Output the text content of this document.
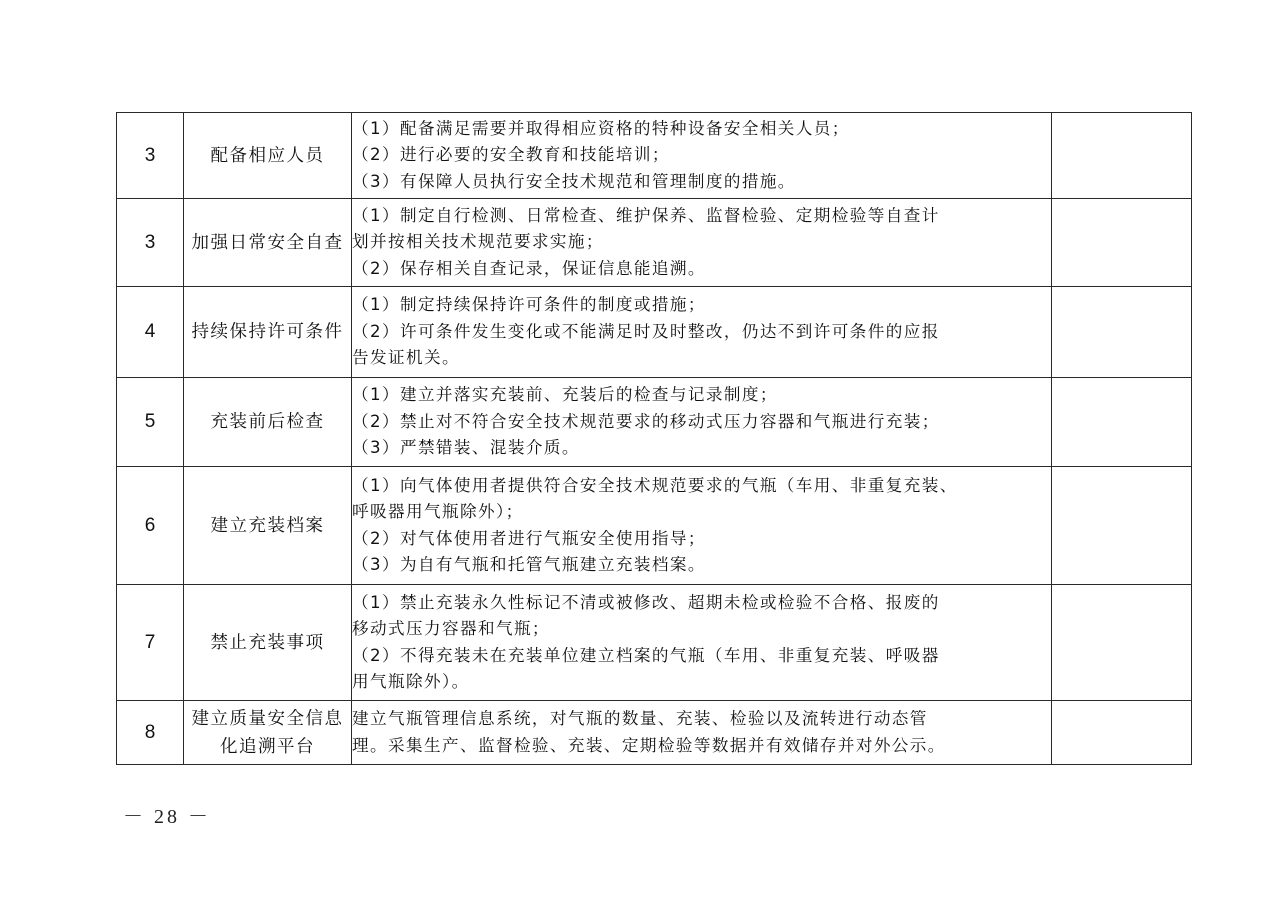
3	配备相应人员	（1）配备满足需要并取得相应资格的特种设备安全相关人员；
（2）进行必要的安全教育和技能培训；
（3）有保障人员执行安全技术规范和管理制度的措施。	

3	加强日常安全自查	（1）制定自行检测、日常检查、维护保养、监督检验、定期检验等自查计
划并按相关技术规范要求实施；
（2）保存相关自查记录，保证信息能追溯。	

4	持续保持许可条件	（1）制定持续保持许可条件的制度或措施；
（2）许可条件发生变化或不能满足时及时整改，仍达不到许可条件的应报
告发证机关。	

5	充装前后检查	（1）建立并落实充装前、充装后的检查与记录制度；
（2）禁止对不符合安全技术规范要求的移动式压力容器和气瓶进行充装；
（3）严禁错装、混装介质。	

6	建立充装档案	（1）向气体使用者提供符合安全技术规范要求的气瓶（车用、非重复充装、
呼吸器用气瓶除外）；
（2）对气体使用者进行气瓶安全使用指导；
（3）为自有气瓶和托管气瓶建立充装档案。	

7	禁止充装事项	（1）禁止充装永久性标记不清或被修改、超期未检或检验不合格、报废的
移动式压力容器和气瓶；
（2）不得充装未在充装单位建立档案的气瓶（车用、非重复充装、呼吸器
用气瓶除外）。	

8	建立质量安全信息化追溯平台	建立气瓶管理信息系统，对气瓶的数量、充装、检验以及流转进行动态管
理。采集生产、监督检验、充装、定期检验等数据并有效储存并对外公示。	

－ 28 －
